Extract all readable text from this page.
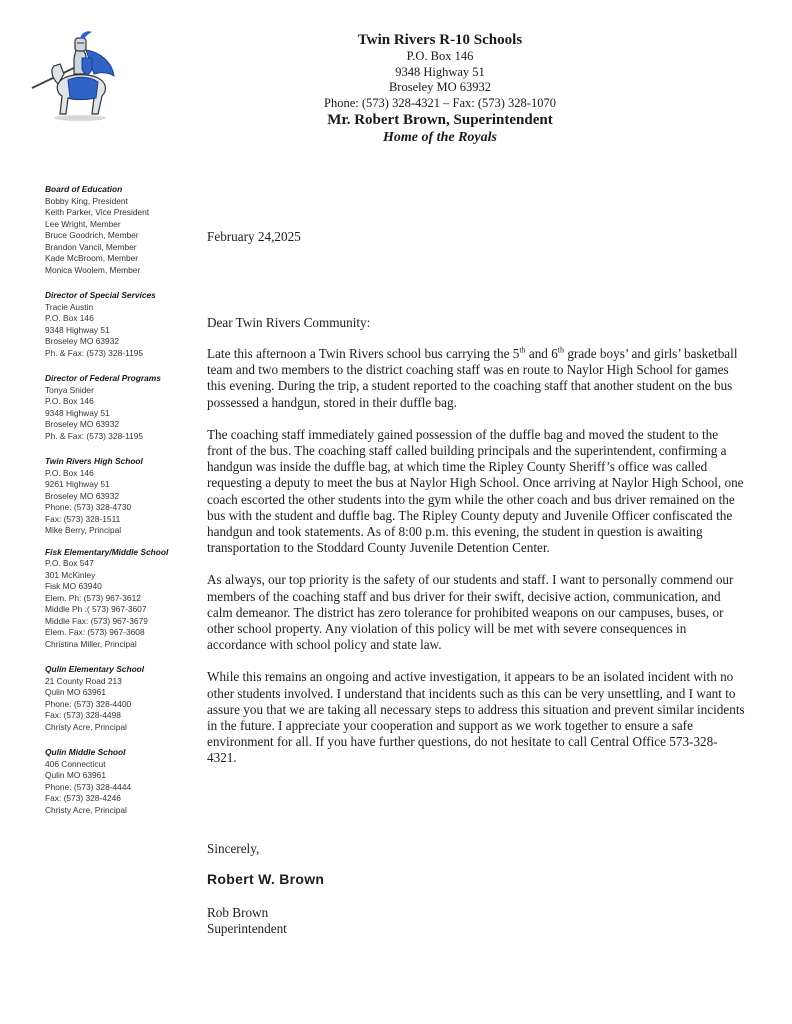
Twin Rivers R-10 Schools
P.O. Box 146
9348 Highway 51
Broseley MO 63932
Phone: (573) 328-4321 – Fax: (573) 328-1070
Mr. Robert Brown, Superintendent
Home of the Royals
Board of Education
Bobby King, President
Keith Parker, Vice President
Lee Wright, Member
Bruce Goodrich, Member
Brandon Vancil, Member
Kade McBroom, Member
Monica Woolem, Member
Director of Special Services
Tracie Austin
P.O. Box 146
9348 Highway 51
Broseley MO 63932
Ph. & Fax: (573) 328-1195
Director of Federal Programs
Tonya Snider
P.O. Box 146
9348 Highway 51
Broseley MO 63932
Ph. & Fax: (573) 328-1195
Twin Rivers High School
P.O. Box 146
9261 Highway 51
Broseley MO 63932
Phone: (573) 328-4730
Fax: (573) 328-1511
Mike Berry, Principal
Fisk Elementary/Middle School
P.O. Box 547
301 McKinley
Fisk MO 63940
Elem. Ph: (573) 967-3612
Middle Ph :( 573) 967-3607
Middle Fax: (573) 967-3679
Elem. Fax: (573) 967-3608
Christina Miller, Principal
Qulin Elementary School
21 County Road 213
Qulin MO 63961
Phone: (573) 328-4400
Fax: (573) 328-4498
Christy Acre, Principal
Qulin Middle School
406 Connecticut
Qulin MO 63961
Phone: (573) 328-4444
Fax: (573) 328-4246
Christy Acre, Principal

February 24,2025

Dear Twin Rivers Community:

Late this afternoon a Twin Rivers school bus carrying the 5th and 6th grade boys’ and girls’ basketball team and two members to the district coaching staff was en route to Naylor High School for games this evening. During the trip, a student reported to the coaching staff that another student on the bus possessed a handgun, stored in their duffle bag.

The coaching staff immediately gained possession of the duffle bag and moved the student to the front of the bus. The coaching staff called building principals and the superintendent, confirming a handgun was inside the duffle bag, at which time the Ripley County Sheriff’s office was called requesting a deputy to meet the bus at Naylor High School. Once arriving at Naylor High School, one coach escorted the other students into the gym while the other coach and bus driver remained on the bus with the student and duffle bag. The Ripley County deputy and Juvenile Officer confiscated the handgun and took statements. As of 8:00 p.m. this evening, the student in question is awaiting transportation to the Stoddard County Juvenile Detention Center.

As always, our top priority is the safety of our students and staff. I want to personally commend our members of the coaching staff and bus driver for their swift, decisive action, communication, and calm demeanor. The district has zero tolerance for prohibited weapons on our campuses, buses, or other school property. Any violation of this policy will be met with severe consequences in accordance with school policy and state law.

While this remains an ongoing and active investigation, it appears to be an isolated incident with no other students involved. I understand that incidents such as this can be very unsettling, and I want to assure you that we are taking all necessary steps to address this situation and prevent similar incidents in the future. I appreciate your cooperation and support as we work together to ensure a safe environment for all. If you have further questions, do not hesitate to call Central Office 573-328-4321.

Sincerely,
Robert W. Brown
Rob Brown
Superintendent
